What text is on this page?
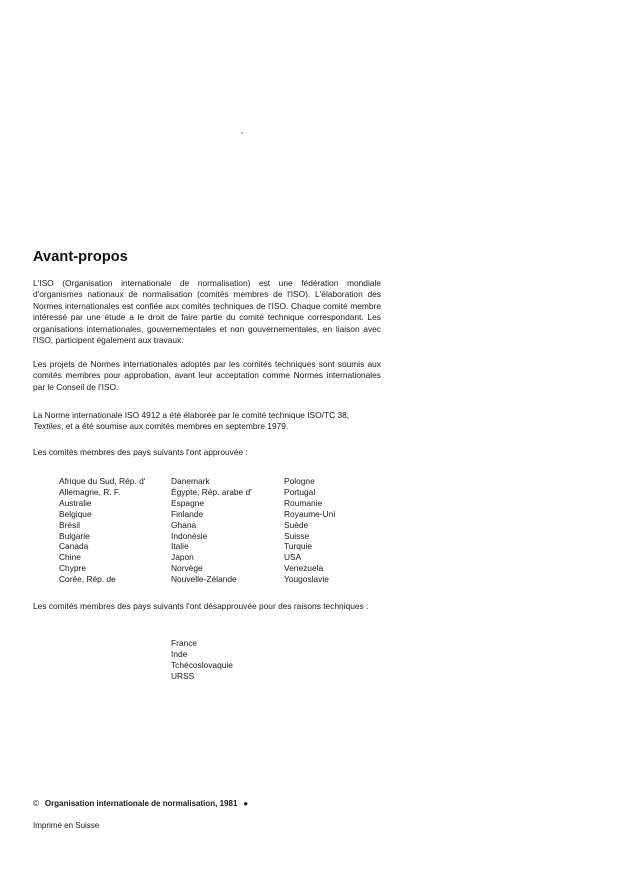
Avant-propos
L'ISO (Organisation internationale de normalisation) est une fédération mondiale d'organismes nationaux de normalisation (comités membres de l'ISO). L'élaboration des Normes internationales est confiée aux comités techniques de l'ISO. Chaque comité membre intéressé par une étude a le droit de faire partie du comité technique correspondant. Les organisations internationales, gouvernementales et non gouvernementales, en liaison avec l'ISO, participent également aux travaux.
Les projets de Normes internationales adoptés par les comités techniques sont soumis aux comités membres pour approbation, avant leur acceptation comme Normes internationales par le Conseil de l'ISO.
La Norme internationale ISO 4912 a été élaborée par le comité technique ISO/TC 38,
Textiles, et a été soumise aux comités membres en septembre 1979.
Les comités membres des pays suivants l'ont approuvée :
Afrique du Sud, Rép. d'
Allemagne, R. F.
Australie
Belgique
Brésil
Bulgarie
Canada
Chine
Chypre
Corée, Rép. de
Danemark
Égypte, Rép. arabe d'
Espagne
Finlande
Ghana
Indonésie
Italie
Japon
Norvège
Nouvelle-Zélande
Pologne
Portugal
Roumanie
Royaume-Uni
Suède
Suisse
Turquie
USA
Venezuela
Yougoslavie
Les comités membres des pays suivants l'ont désapprouvée pour des raisons techniques :
France
Inde
Tchécoslovaquie
URSS
© Organisation internationale de normalisation, 1981 ●
Imprimé en Suisse
